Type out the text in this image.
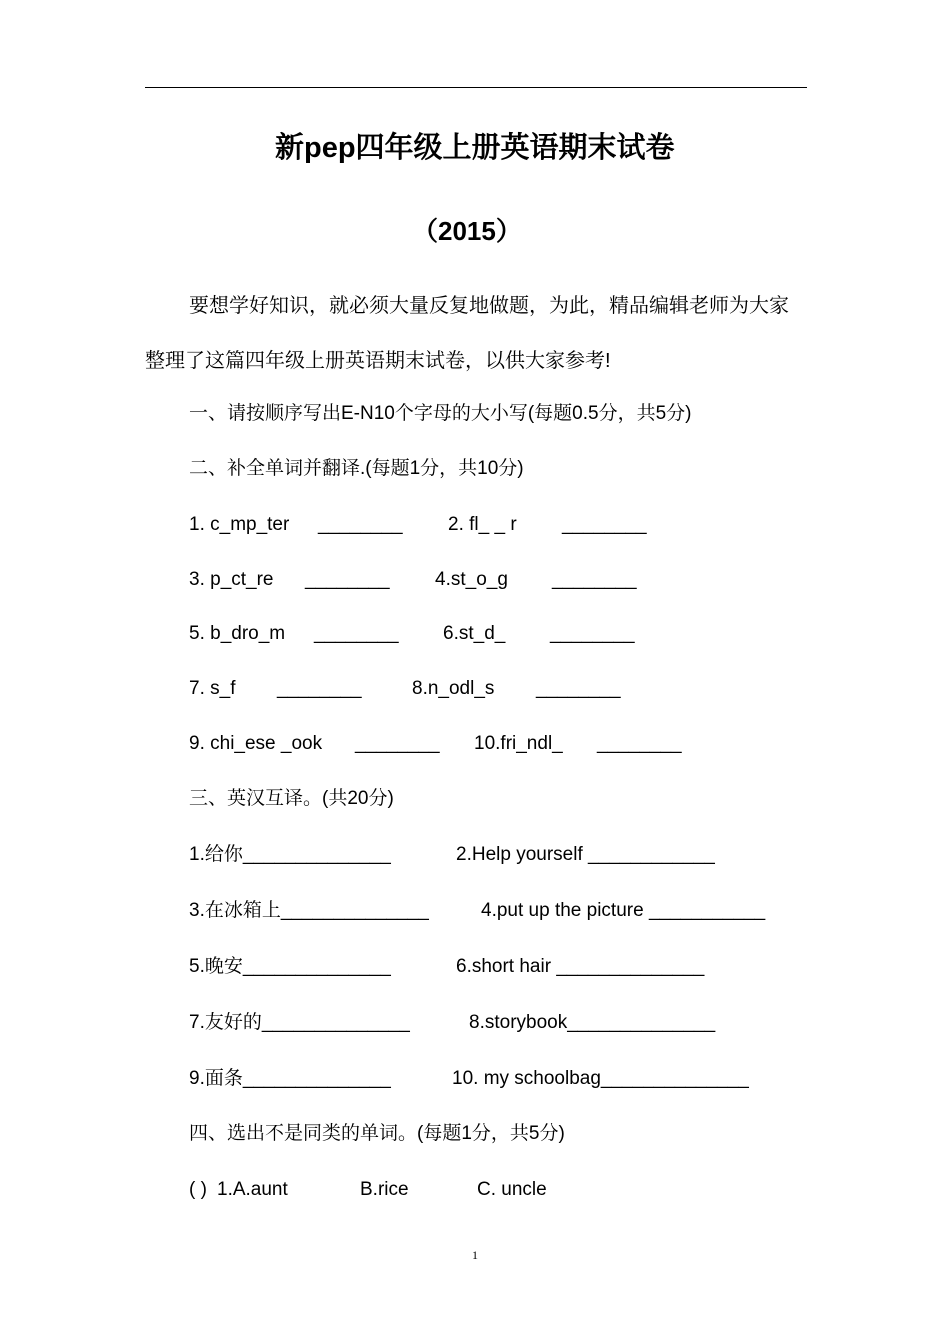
新pep四年级上册英语期末试卷
（2015）

要想学好知识，就必须大量反复地做题，为此，精品编辑老师为大家整理了这篇四年级上册英语期末试卷，以供大家参考!

一、请按顺序写出E-N10个字母的大小写(每题0.5分，共5分)
二、补全单词并翻译.(每题1分，共10分)
1. c_mp_ter ________ 2. fl_ _ r ________
3. p_ct_re ________ 4.st_o_g ________
5. b_dro_m ________ 6.st_d_ ________
7. s_f ________	8.n_odl_s ________
9. chi_ese _ook ________ 10.fri_ndl_ ________
三、英汉互译。(共20分)
1.给你______________	2.Help yourself ____________
3.在冰箱上______________	4.put up the picture ___________
5.晚安______________	6.short hair ______________
7.友好的______________	8.storybook______________
9.面条______________	10. my schoolbag______________
四、选出不是同类的单词。(每题1分，共5分)
( ) 1.A.aunt	B.rice	C. uncle
1
